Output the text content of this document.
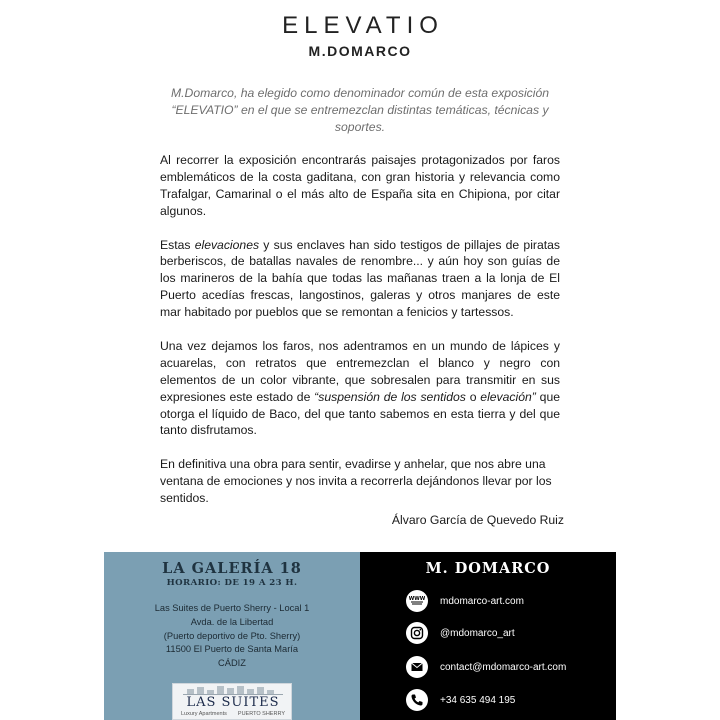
ELEVATIO
M.DOMARCO
M.Domarco, ha elegido como denominador común de esta exposición “ELEVATIO” en el que se entremezclan distintas temáticas, técnicas y soportes.

Al recorrer la exposición encontrarás paisajes protagonizados por faros emblemáticos de la costa gaditana, con gran historia y relevancia como Trafalgar, Camarinal o el más alto de España sita en Chipiona, por citar algunos.

Estas elevaciones y sus enclaves han sido testigos de pillajes de piratas berberiscos, de batallas navales de renombre... y aún hoy son guías de los marineros de la bahía que todas las mañanas traen a la lonja de El Puerto acedías frescas, langostinos, galeras y otros manjares de este mar habitado por pueblos que se remontan a fenicios y tartessos.

Una vez dejamos los faros, nos adentramos en un mundo de lápices y acuarelas, con retratos que entremezclan el blanco y negro con elementos de un color vibrante, que sobresalen para transmitir en sus expresiones este estado de “suspensión de los sentidos o elevación” que otorga el líquido de Baco, del que tanto sabemos en esta tierra y del que tanto disfrutamos.

En definitiva una obra para sentir, evadirse y anhelar, que nos abre una ventana de emociones y nos invita a recorrerla dejándonos llevar por los sentidos.

Álvaro García de Quevedo Ruiz
LA GALERÍA 18
HORARIO: DE 19 A 23 H.
Las Suites de Puerto Sherry - Local 1
Avda. de la Libertad
(Puerto deportivo de Pto. Sherry)
11500 El Puerto de Santa María
CÁDIZ
LAS SUITES
Luxury Apartments PUERTO SHERRY
M. DOMARCO
WWW mdomarco-art.com
@mdomarco_art
contact@mdomarco-art.com
+34 635 494 195
